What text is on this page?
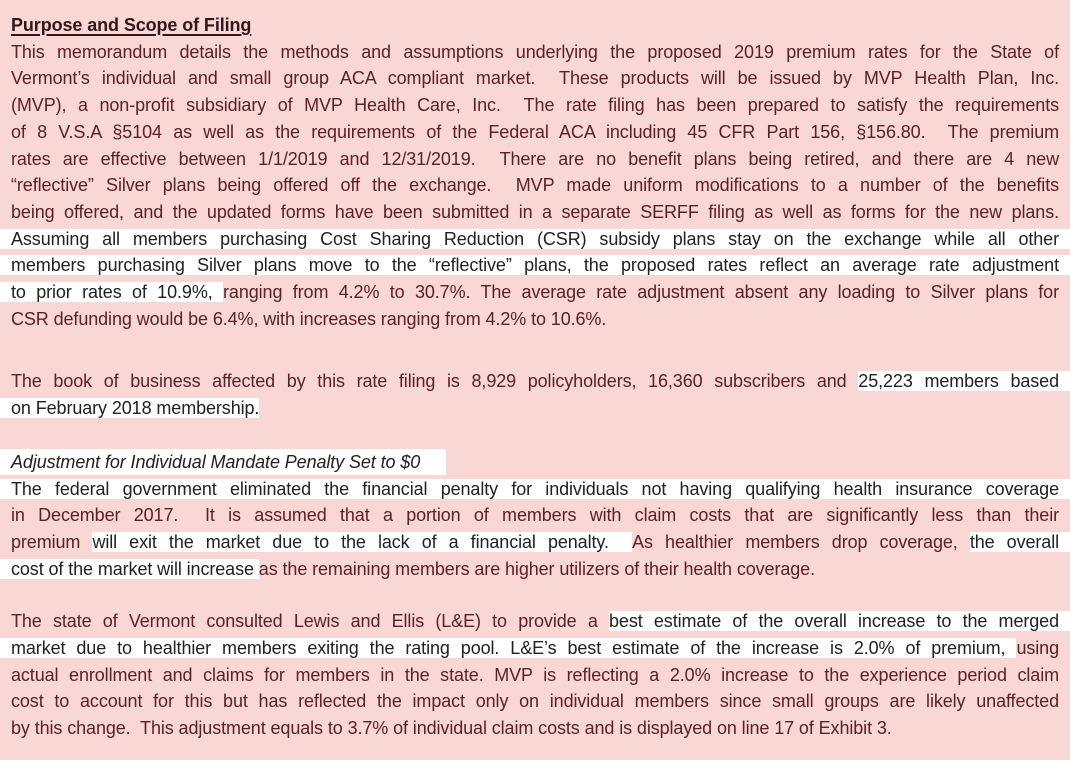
Purpose and Scope of Filing
This memorandum details the methods and assumptions underlying the proposed 2019 premium rates for the State of
Vermont’s individual and small group ACA compliant market.  These products will be issued by MVP Health Plan, Inc.
(MVP), a non-profit subsidiary of MVP Health Care, Inc.  The rate filing has been prepared to satisfy the requirements
of 8 V.S.A §5104 as well as the requirements of the Federal ACA including 45 CFR Part 156, §156.80.  The premium
rates are effective between 1/1/2019 and 12/31/2019.  There are no benefit plans being retired, and there are 4 new
“reflective” Silver plans being offered off the exchange.  MVP made uniform modifications to a number of the benefits
being offered, and the updated forms have been submitted in a separate SERFF filing as well as forms for the new plans.
Assuming all members purchasing Cost Sharing Reduction (CSR) subsidy plans stay on the exchange while all other
members purchasing Silver plans move to the “reflective” plans, the proposed rates reflect an average rate adjustment
to prior rates of 10.9%, ranging from 4.2% to 30.7%. The average rate adjustment absent any loading to Silver plans for
CSR defunding would be 6.4%, with increases ranging from 4.2% to 10.6%.
The book of business affected by this rate filing is 8,929 policyholders, 16,360 subscribers and 25,223 members based
on February 2018 membership.
Adjustment for Individual Mandate Penalty Set to $0
The federal government eliminated the financial penalty for individuals not having qualifying health insurance coverage
in December 2017.  It is assumed that a portion of members with claim costs that are significantly less than their
premium will exit the market due to the lack of a financial penalty.  As healthier members drop coverage, the overall
cost of the market will increase as the remaining members are higher utilizers of their health coverage.
The state of Vermont consulted Lewis and Ellis (L&E) to provide a best estimate of the overall increase to the merged
market due to healthier members exiting the rating pool. L&E’s best estimate of the increase is 2.0% of premium, using
actual enrollment and claims for members in the state. MVP is reflecting a 2.0% increase to the experience period claim
cost to account for this but has reflected the impact only on individual members since small groups are likely unaffected
by this change.  This adjustment equals to 3.7% of individual claim costs and is displayed on line 17 of Exhibit 3.
